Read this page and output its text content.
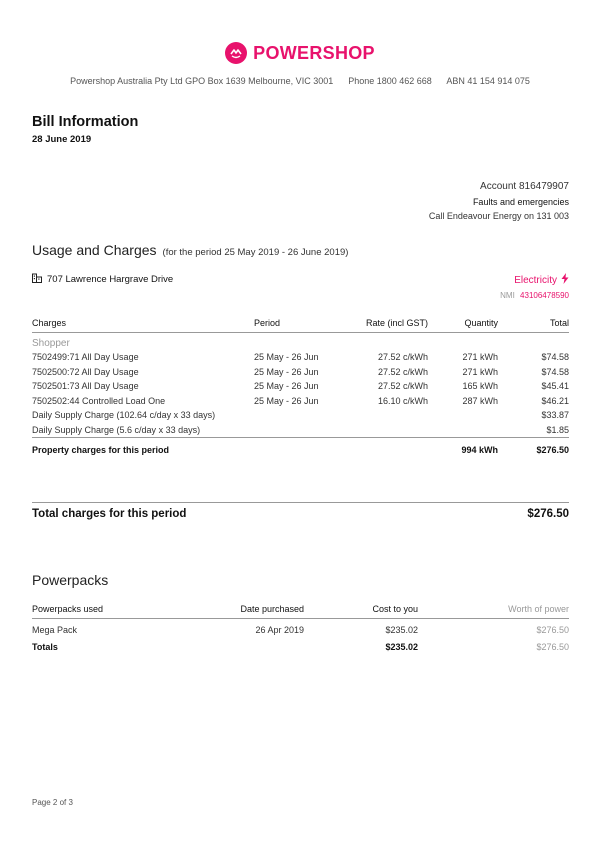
POWERSHOP
Powershop Australia Pty Ltd GPO Box 1639 Melbourne, VIC 3001 Phone 1800 462 668 ABN 41 154 914 075
Bill Information
28 June 2019
Account 816479907
Faults and emergencies
Call Endeavour Energy on 131 003
Usage and Charges (for the period 25 May 2019 - 26 June 2019)
707 Lawrence Hargrave Drive	Electricity
NMI 43106478590
Charges	Period	Rate (incl GST)	Quantity	Total
Shopper				
7502499:71 All Day Usage	25 May - 26 Jun	27.52 c/kWh	271 kWh	$74.58
7502500:72 All Day Usage	25 May - 26 Jun	27.52 c/kWh	271 kWh	$74.58
7502501:73 All Day Usage	25 May - 26 Jun	27.52 c/kWh	165 kWh	$45.41
7502502:44 Controlled Load One	25 May - 26 Jun	16.10 c/kWh	287 kWh	$46.21
Daily Supply Charge (102.64 c/day x 33 days)				$33.87
Daily Supply Charge (5.6 c/day x 33 days)				$1.85
Property charges for this period			994 kWh	$276.50
Total charges for this period	$276.50
Powerpacks
Powerpacks used	Date purchased	Cost to you	Worth of power
Mega Pack	26 Apr 2019	$235.02	$276.50
Totals		$235.02	$276.50
Page 2 of 3
